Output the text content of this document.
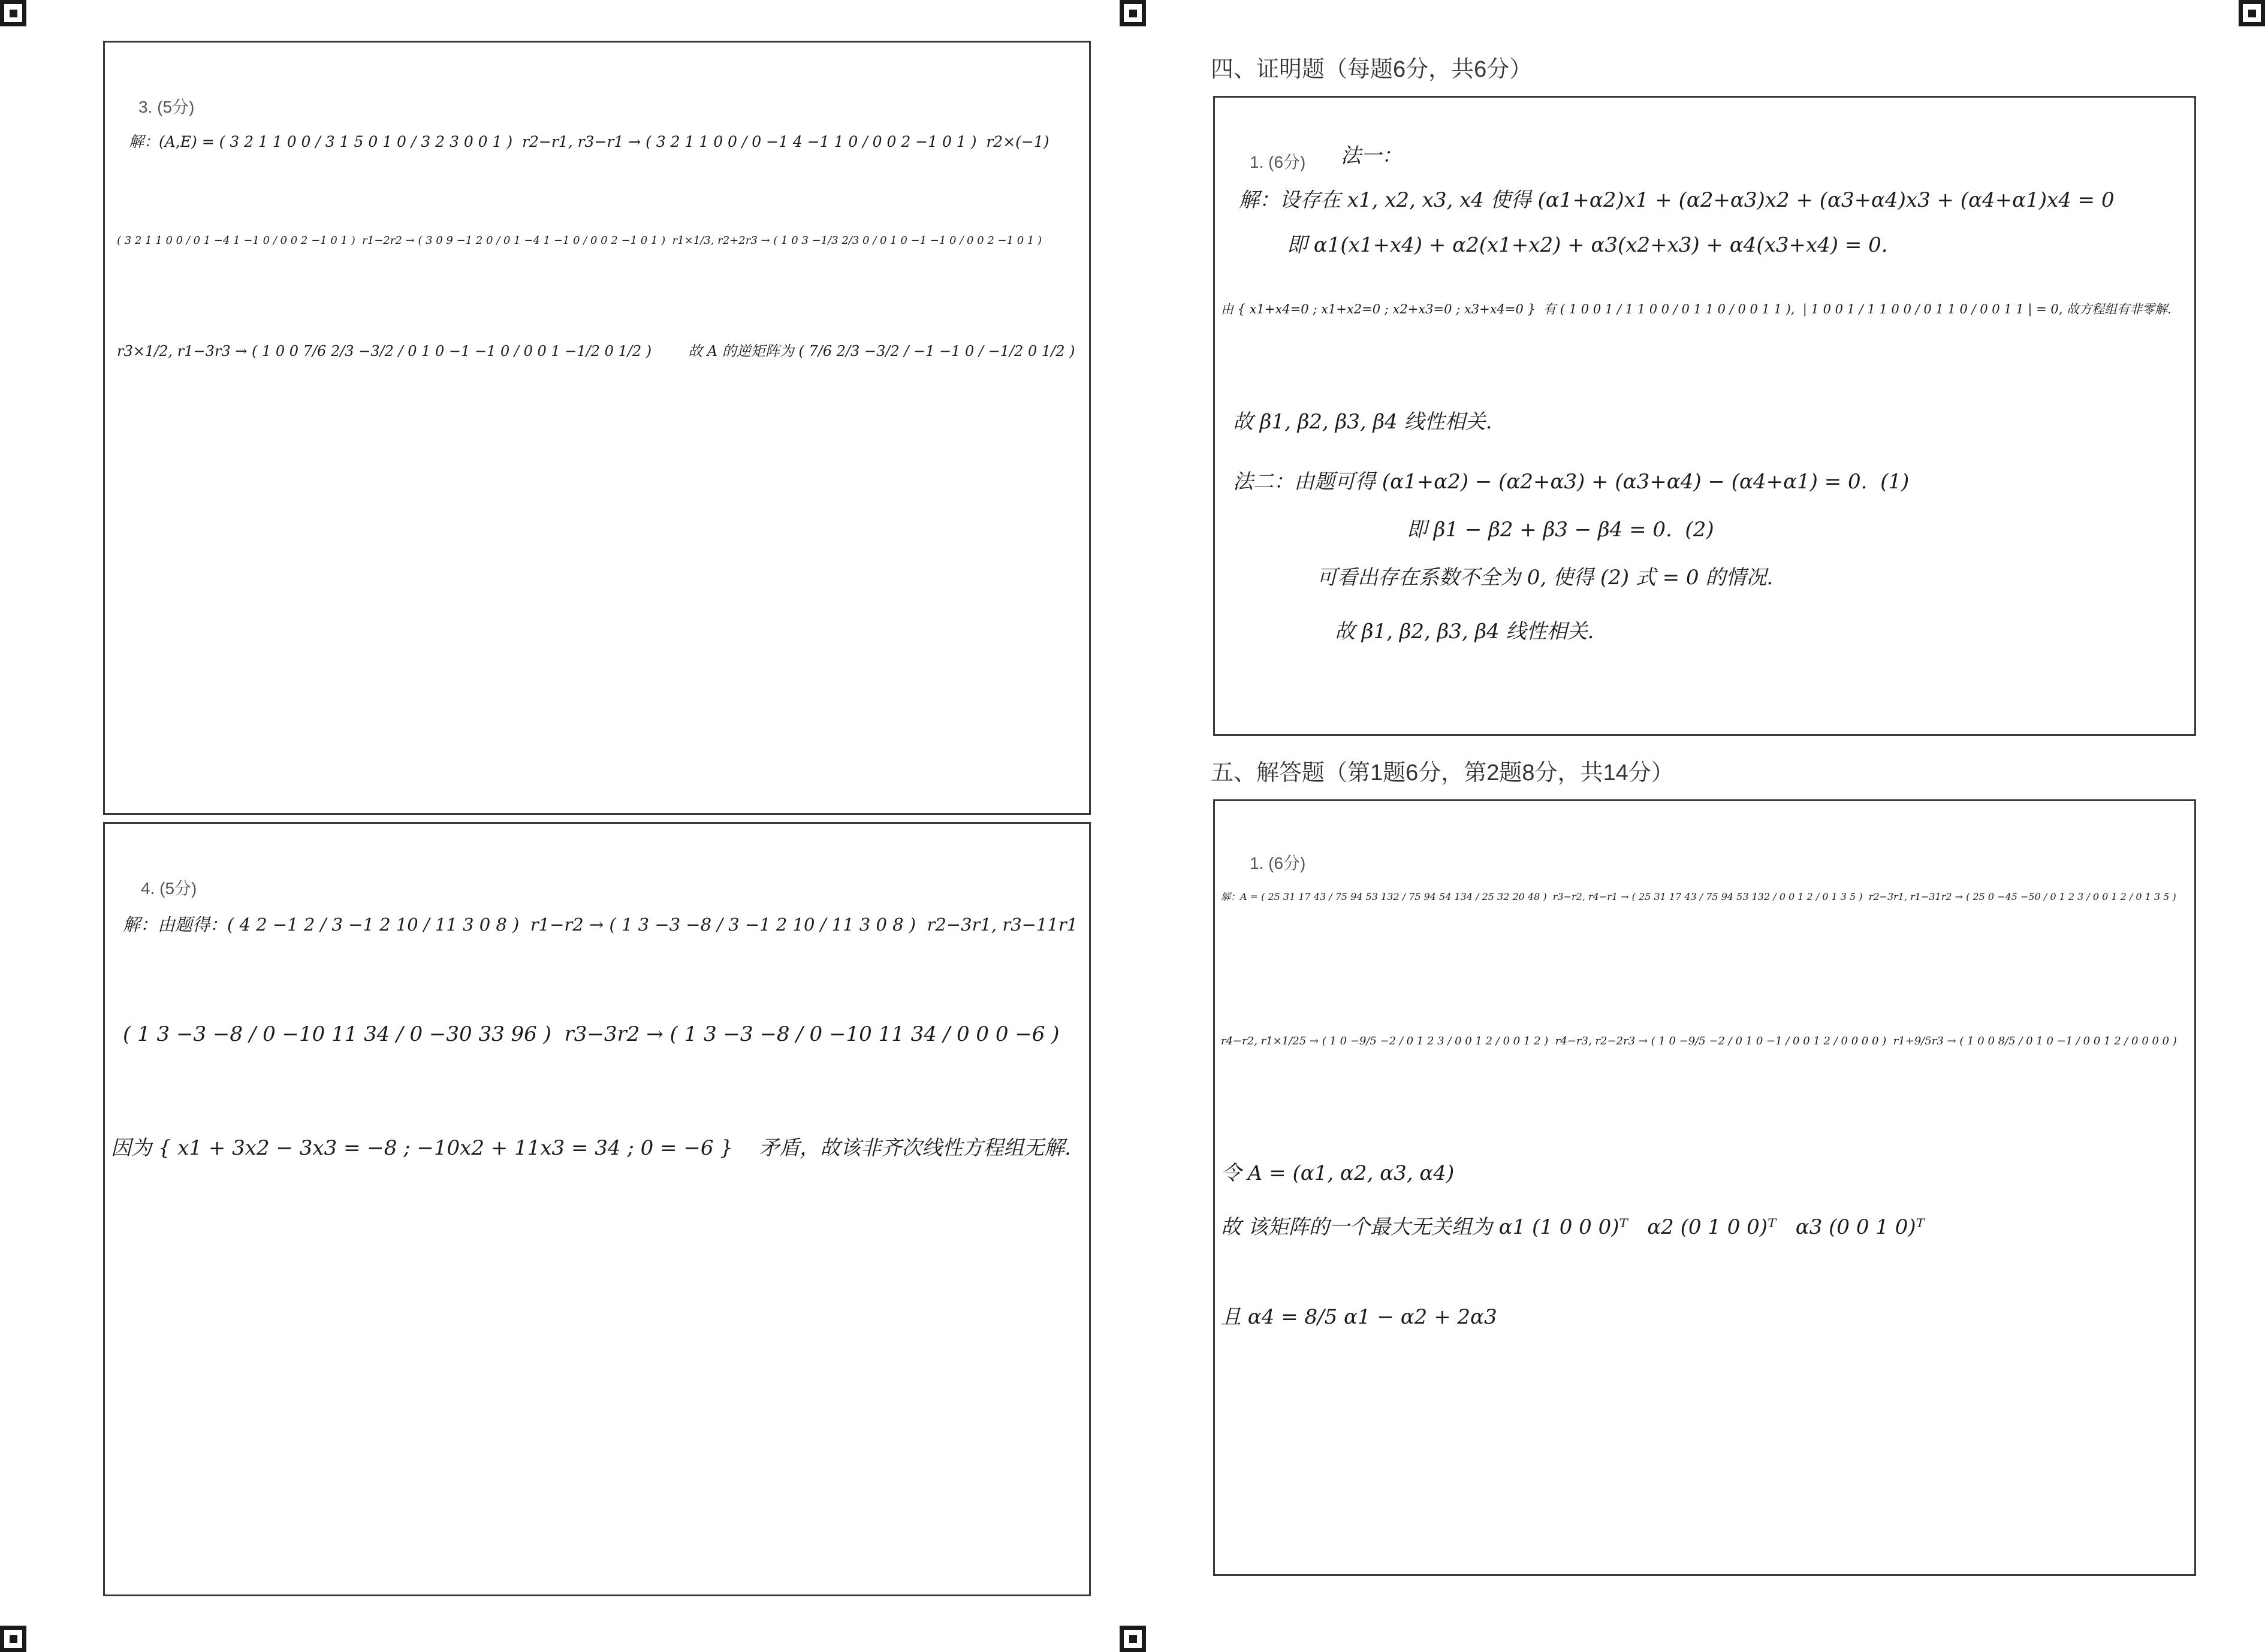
3. (5分)
解：(A,E) = ( 3 2 1 1 0 0 / 3 1 5 0 1 0 / 3 2 3 0 0 1 )  r2−r1, r3−r1 → ( 3 2 1 1 0 0 / 0 −1 4 −1 1 0 / 0 0 2 −1 0 1 )  r2×(−1)
( 3 2 1 1 0 0 / 0 1 −4 1 −1 0 / 0 0 2 −1 0 1 )  r1−2r2 → ( 3 0 9 −1 2 0 / 0 1 −4 1 −1 0 / 0 0 2 −1 0 1 )  r1×1/3, r2+2r3 → ( 1 0 3 −1/3 2/3 0 / 0 1 0 −1 −1 0 / 0 0 2 −1 0 1 )
r3×1/2, r1−3r3 → ( 1 0 0 7/6 2/3 −3/2 / 0 1 0 −1 −1 0 / 0 0 1 −1/2 0 1/2 )        故 A 的逆矩阵为 ( 7/6 2/3 −3/2 / −1 −1 0 / −1/2 0 1/2 )
4. (5分)
解：由题得：( 4 2 −1 2 / 3 −1 2 10 / 11 3 0 8 )  r1−r2 → ( 1 3 −3 −8 / 3 −1 2 10 / 11 3 0 8 )  r2−3r1, r3−11r1
( 1 3 −3 −8 / 0 −10 11 34 / 0 −30 33 96 )  r3−3r2 → ( 1 3 −3 −8 / 0 −10 11 34 / 0 0 0 −6 )
因为 { x1 + 3x2 − 3x3 = −8 ; −10x2 + 11x3 = 34 ; 0 = −6 }    矛盾，故该非齐次线性方程组无解.
四、证明题（每题6分，共6分）
1. (6分) 法一：
解：设存在 x1, x2, x3, x4 使得 (α1+α2)x1 + (α2+α3)x2 + (α3+α4)x3 + (α4+α1)x4 = 0
即 α1(x1+x4) + α2(x1+x2) + α3(x2+x3) + α4(x3+x4) = 0.
由 { x1+x4=0 ; x1+x2=0 ; x2+x3=0 ; x3+x4=0 }  有 ( 1 0 0 1 / 1 1 0 0 / 0 1 1 0 / 0 0 1 1 ),  | 1 0 0 1 / 1 1 0 0 / 0 1 1 0 / 0 0 1 1 | = 0, 故方程组有非零解.
故 β1, β2, β3, β4 线性相关.
法二：由题可得 (α1+α2) − (α2+α3) + (α3+α4) − (α4+α1) = 0.  (1)
即 β1 − β2 + β3 − β4 = 0.  (2)
可看出存在系数不全为 0, 使得 (2) 式 = 0 的情况.
故 β1, β2, β3, β4 线性相关.
五、解答题（第1题6分，第2题8分，共14分）
1. (6分)
解：A = ( 25 31 17 43 / 75 94 53 132 / 75 94 54 134 / 25 32 20 48 )  r3−r2, r4−r1 → ( 25 31 17 43 / 75 94 53 132 / 0 0 1 2 / 0 1 3 5 )  r2−3r1, r1−31r2 → ( 25 0 −45 −50 / 0 1 2 3 / 0 0 1 2 / 0 1 3 5 )
r4−r2, r1×1/25 → ( 1 0 −9/5 −2 / 0 1 2 3 / 0 0 1 2 / 0 0 1 2 )  r4−r3, r2−2r3 → ( 1 0 −9/5 −2 / 0 1 0 −1 / 0 0 1 2 / 0 0 0 0 )  r1+9/5r3 → ( 1 0 0 8/5 / 0 1 0 −1 / 0 0 1 2 / 0 0 0 0 )
令 A = (α1, α2, α3, α4)
故 该矩阵的一个最大无关组为 α1 (1 0 0 0)ᵀ   α2 (0 1 0 0)ᵀ   α3 (0 0 1 0)ᵀ
且 α4 = 8/5 α1 − α2 + 2α3
